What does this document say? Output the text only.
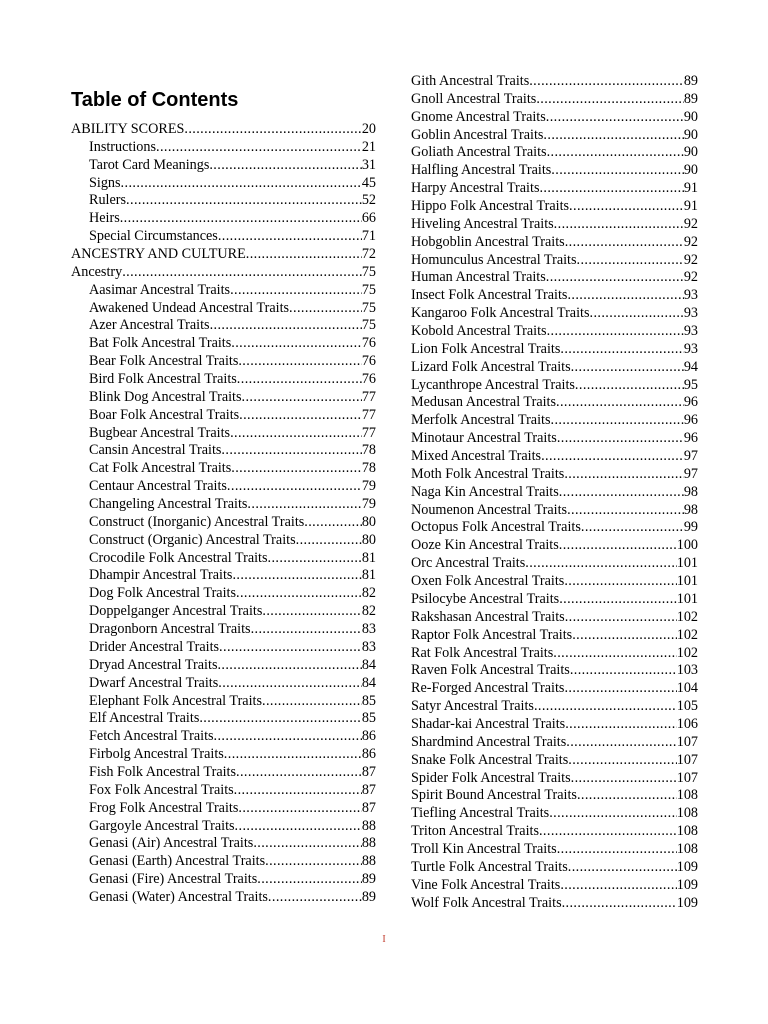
Table of Contents
ABILITY SCORES .....	20
Instructions .....	21
Tarot Card Meanings .....	31
Signs .....	45
Rulers .....	52
Heirs .....	66
Special Circumstances .....	71
ANCESTRY AND CULTURE .....	72
Ancestry .....	75
Aasimar Ancestral Traits .....	75
Awakened Undead Ancestral Traits .....	75
Azer Ancestral Traits .....	75
Bat Folk Ancestral Traits .....	76
Bear Folk Ancestral Traits .....	76
Bird Folk Ancestral Traits .....	76
Blink Dog Ancestral Traits .....	77
Boar Folk Ancestral Traits .....	77
Bugbear Ancestral Traits .....	77
Cansin Ancestral Traits .....	78
Cat Folk Ancestral Traits .....	78
Centaur Ancestral Traits .....	79
Changeling Ancestral Traits .....	79
Construct (Inorganic) Ancestral Traits .....	80
Construct (Organic) Ancestral Traits .....	80
Crocodile Folk Ancestral Traits .....	81
Dhampir Ancestral Traits .....	81
Dog Folk Ancestral Traits .....	82
Doppelganger Ancestral Traits .....	82
Dragonborn Ancestral Traits .....	83
Drider Ancestral Traits .....	83
Dryad Ancestral Traits .....	84
Dwarf Ancestral Traits .....	84
Elephant Folk Ancestral Traits .....	85
Elf Ancestral Traits .....	85
Fetch Ancestral Traits .....	86
Firbolg Ancestral Traits .....	86
Fish Folk Ancestral Traits .....	87
Fox Folk Ancestral Traits .....	87
Frog Folk Ancestral Traits .....	87
Gargoyle Ancestral Traits .....	88
Genasi (Air) Ancestral Traits .....	88
Genasi (Earth) Ancestral Traits .....	88
Genasi (Fire) Ancestral Traits .....	89
Genasi (Water) Ancestral Traits .....	89
Gith Ancestral Traits .....	89
Gnoll Ancestral Traits .....	89
Gnome Ancestral Traits .....	90
Goblin Ancestral Traits .....	90
Goliath Ancestral Traits .....	90
Halfling Ancestral Traits .....	90
Harpy Ancestral Traits .....	91
Hippo Folk Ancestral Traits .....	91
Hiveling Ancestral Traits .....	92
Hobgoblin Ancestral Traits .....	92
Homunculus Ancestral Traits .....	92
Human Ancestral Traits .....	92
Insect Folk Ancestral Traits .....	93
Kangaroo Folk Ancestral Traits .....	93
Kobold Ancestral Traits .....	93
Lion Folk Ancestral Traits .....	93
Lizard Folk Ancestral Traits .....	94
Lycanthrope Ancestral Traits .....	95
Medusan Ancestral Traits .....	96
Merfolk Ancestral Traits .....	96
Minotaur Ancestral Traits .....	96
Mixed Ancestral Traits .....	97
Moth Folk Ancestral Traits .....	97
Naga Kin Ancestral Traits .....	98
Noumenon Ancestral Traits .....	98
Octopus Folk Ancestral Traits .....	99
Ooze Kin Ancestral Traits .....	100
Orc Ancestral Traits .....	101
Oxen Folk Ancestral Traits .....	101
Psilocybe Ancestral Traits .....	101
Rakshasan Ancestral Traits .....	102
Raptor Folk Ancestral Traits .....	102
Rat Folk Ancestral Traits .....	102
Raven Folk Ancestral Traits .....	103
Re-Forged Ancestral Traits .....	104
Satyr Ancestral Traits .....	105
Shadar-kai Ancestral Traits .....	106
Shardmind Ancestral Traits .....	107
Snake Folk Ancestral Traits .....	107
Spider Folk Ancestral Traits .....	107
Spirit Bound Ancestral Traits .....	108
Tiefling Ancestral Traits .....	108
Triton Ancestral Traits .....	108
Troll Kin Ancestral Traits .....	108
Turtle Folk Ancestral Traits .....	109
Vine Folk Ancestral Traits .....	109
Wolf Folk Ancestral Traits .....	109
I
